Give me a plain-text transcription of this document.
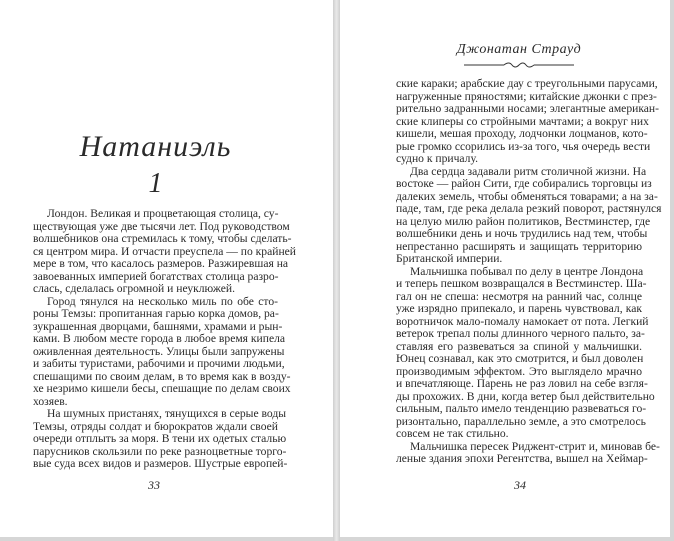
Натаниэль
1
Лондон. Великая и процветающая столица, су-
ществующая уже две тысячи лет. Под руководством
волшебников она стремилась к тому, чтобы сделать-
ся центром мира. И отчасти преуспела — по крайней
мере в том, что касалось размеров. Разжиревшая на
завоеванных империей богатствах столица разро-
слась, сделалась огромной и неуклюжей.
Город тянулся на несколько миль по обе сто-
роны Темзы: пропитанная гарью корка домов, ра-
зукрашенная дворцами, башнями, храмами и рын-
ками. В любом месте города в любое время кипела
оживленная деятельность. Улицы были запружены
и забиты туристами, рабочими и прочими людьми,
спешащими по своим делам, в то время как в возду-
хе незримо кишели бесы, спешащие по делам своих
хозяев.
На шумных пристанях, тянущихся в серые воды
Темзы, отряды солдат и бюрократов ждали своей
очереди отплыть за моря. В тени их одетых сталью
парусников скользили по реке разноцветные торго-
вые суда всех видов и размеров. Шустрые европей-
33
Джонатан Страуд
ские караки; арабские дау с треугольными парусами,
нагруженные пряностями; китайские джонки с през-
рительно задранными носами; элегантные американ-
ские клиперы со стройными мачтами; а вокруг них
кишели, мешая проходу, лодчонки лоцманов, кото-
рые громко ссорились из-за того, чья очередь вести
судно к причалу.
Два сердца задавали ритм столичной жизни. На
востоке — район Сити, где собирались торговцы из
далеких земель, чтобы обменяться товарами; а на за-
паде, там, где река делала резкий поворот, растянулся
на целую милю район политиков, Вестминстер, где
волшебники день и ночь трудились над тем, чтобы
непрестанно расширять и защищать территорию
Британской империи.
Мальчишка побывал по делу в центре Лондона
и теперь пешком возвращался в Вестминстер. Ша-
гал он не спеша: несмотря на ранний час, солнце
уже изрядно припекало, и парень чувствовал, как
воротничок мало-помалу намокает от пота. Легкий
ветерок трепал полы длинного черного пальто, за-
ставляя его развеваться за спиной у мальчишки.
Юнец сознавал, как это смотрится, и был доволен
производимым эффектом. Это выглядело мрачно
и впечатляюще. Парень не раз ловил на себе взгля-
ды прохожих. В дни, когда ветер был действительно
сильным, пальто имело тенденцию развеваться го-
ризонтально, параллельно земле, а это смотрелось
совсем не так стильно.
Мальчишка пересек Риджент-стрит и, миновав бе-
леные здания эпохи Регентства, вышел на Хеймар-
34
